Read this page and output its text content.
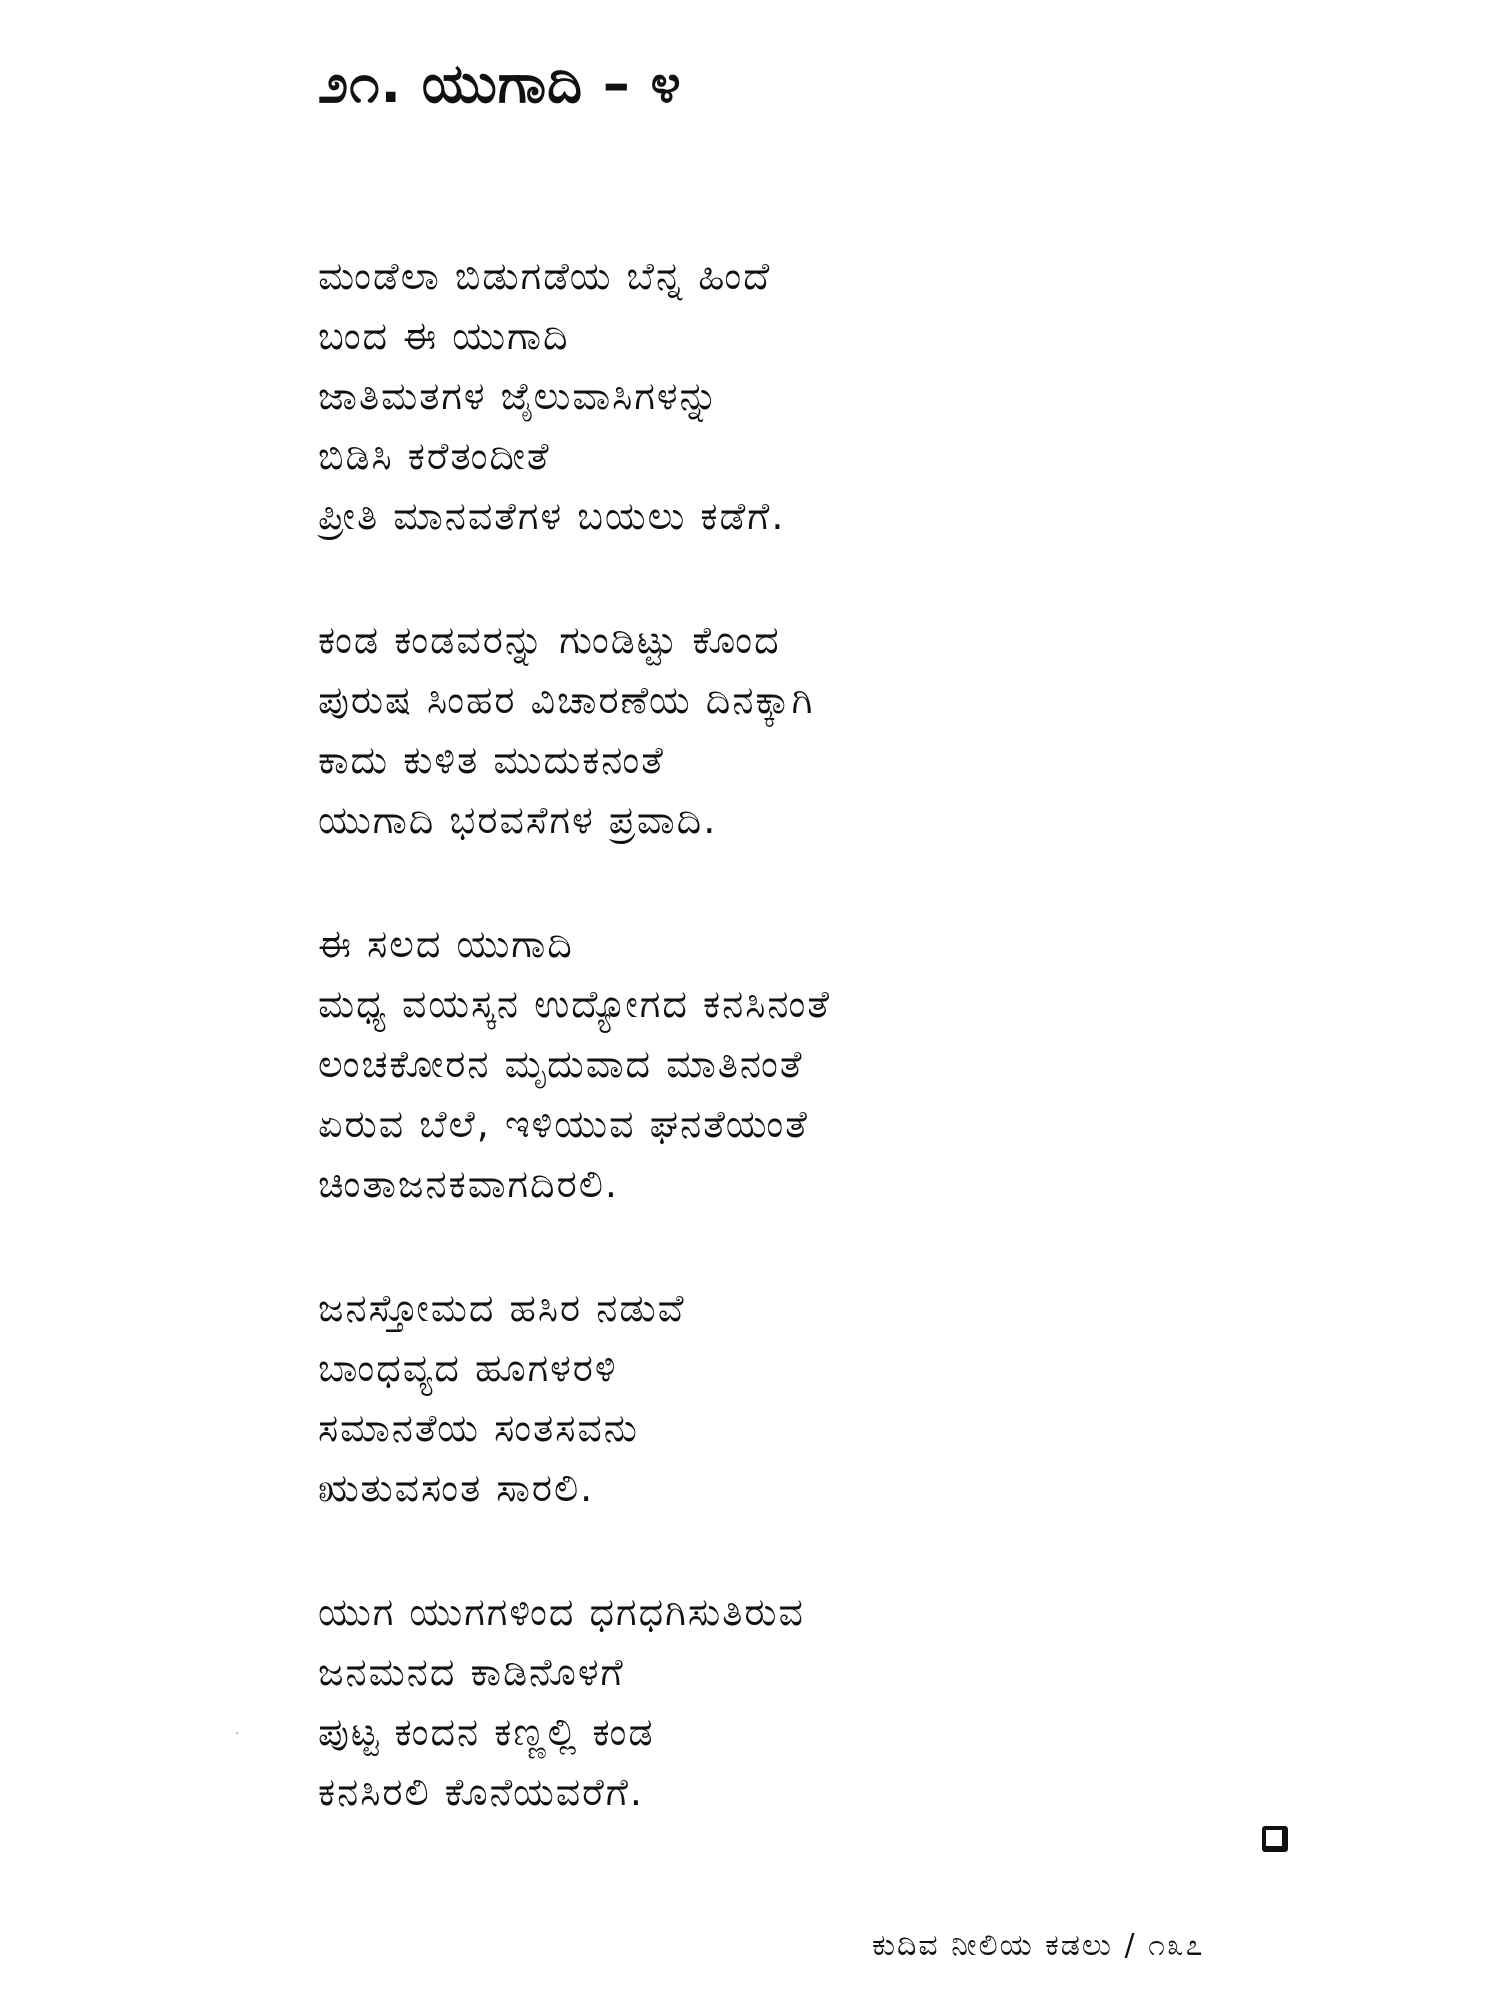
೨೧. ಯುಗಾದಿ – ೪
ಮಂಡೆಲಾ ಬಿಡುಗಡೆಯ ಬೆನ್ನ ಹಿಂದೆ
ಬಂದ ಈ ಯುಗಾದಿ
ಜಾತಿಮತಗಳ ಜೈಲುವಾಸಿಗಳನ್ನು
ಬಿಡಿಸಿ ಕರೆತಂದೀತೆ
ಪ್ರೀತಿ ಮಾನವತೆಗಳ ಬಯಲು ಕಡೆಗೆ.
ಕಂಡ ಕಂಡವರನ್ನು ಗುಂಡಿಟ್ಟು ಕೊಂದ
ಪುರುಷ ಸಿಂಹರ ವಿಚಾರಣೆಯ ದಿನಕ್ಕಾಗಿ
ಕಾದು ಕುಳಿತ ಮುದುಕನಂತೆ
ಯುಗಾದಿ ಭರವಸೆಗಳ ಪ್ರವಾದಿ.
ಈ ಸಲದ ಯುಗಾದಿ
ಮಧ್ಯ ವಯಸ್ಕನ ಉದ್ಯೋಗದ ಕನಸಿನಂತೆ
ಲಂಚಕೋರನ ಮೃದುವಾದ ಮಾತಿನಂತೆ
ಏರುವ ಬೆಲೆ, ಇಳಿಯುವ ಘನತೆಯಂತೆ
ಚಿಂತಾಜನಕವಾಗದಿರಲಿ.
ಜನಸ್ತೋಮದ ಹಸಿರ ನಡುವೆ
ಬಾಂಧವ್ಯದ ಹೂಗಳರಳಿ
ಸಮಾನತೆಯ ಸಂತಸವನು
ಋತುವಸಂತ ಸಾರಲಿ.
ಯುಗ ಯುಗಗಳಿಂದ ಧಗಧಗಿಸುತಿರುವ
ಜನಮನದ ಕಾಡಿನೊಳಗೆ
ಪುಟ್ಟ ಕಂದನ ಕಣ್ಣಲ್ಲಿ ಕಂಡ
ಕನಸಿರಲಿ ಕೊನೆಯವರೆಗೆ.
ಕುದಿವ ನೀಲಿಯ ಕಡಲು / ೧೩೭
